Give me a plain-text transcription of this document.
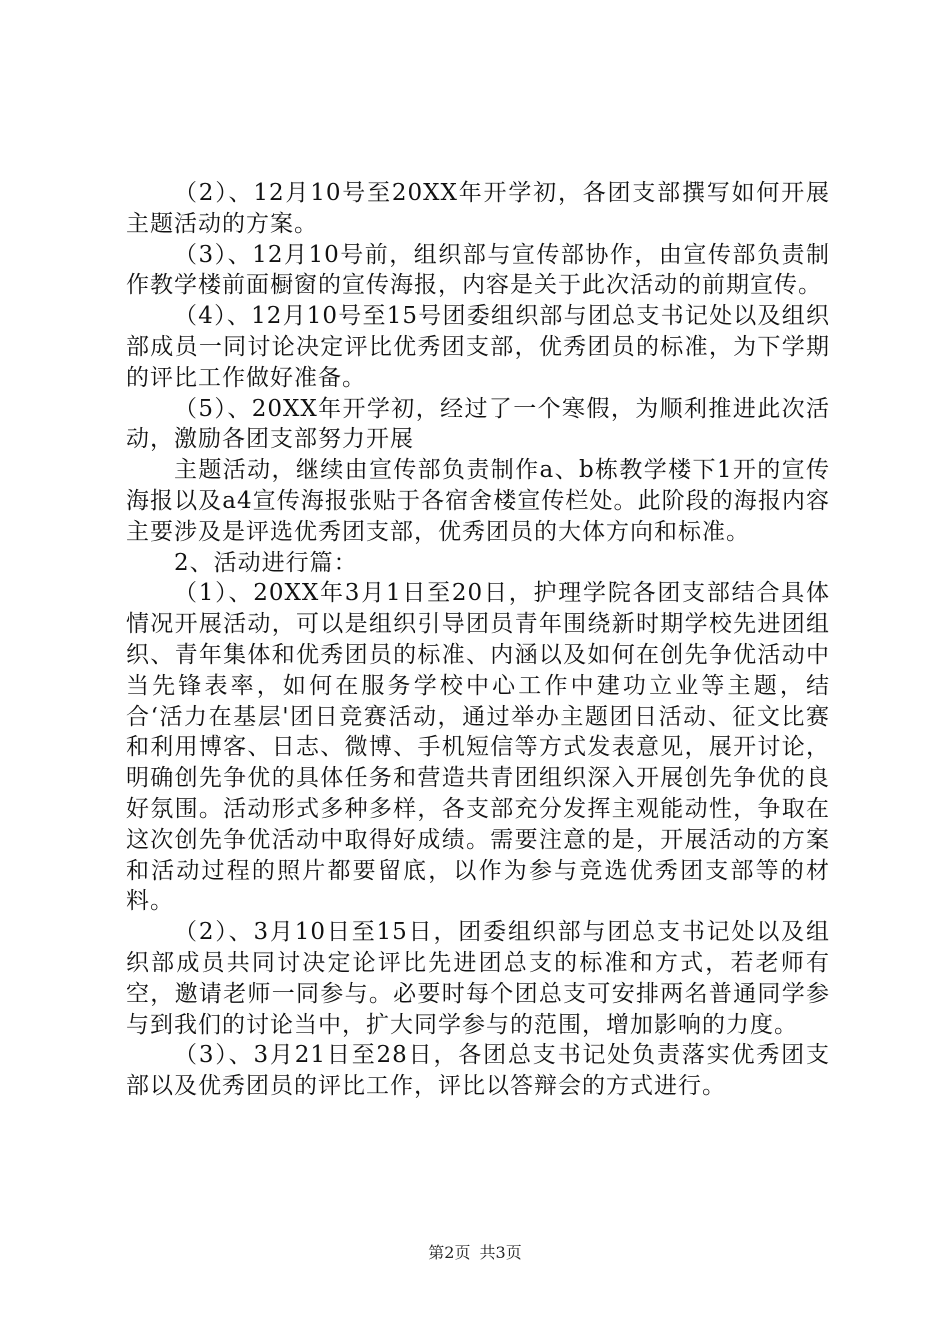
（2）、12月10号至20XX年开学初，各团支部撰写如何开展主题活动的方案。

（3）、12月10号前，组织部与宣传部协作，由宣传部负责制作教学楼前面橱窗的宣传海报，内容是关于此次活动的前期宣传。

（4）、12月10号至15号团委组织部与团总支书记处以及组织部成员一同讨论决定评比优秀团支部，优秀团员的标准，为下学期的评比工作做好准备。

（5）、20XX年开学初，经过了一个寒假，为顺利推进此次活动，激励各团支部努力开展

主题活动，继续由宣传部负责制作a、b栋教学楼下1开的宣传海报以及a4宣传海报张贴于各宿舍楼宣传栏处。此阶段的海报内容主要涉及是评选优秀团支部，优秀团员的大体方向和标准。

2、活动进行篇：

（1）、20XX年3月1日至20日，护理学院各团支部结合具体情况开展活动，可以是组织引导团员青年围绕新时期学校先进团组织、青年集体和优秀团员的标准、内涵以及如何在创先争优活动中当先锋表率，如何在服务学校中心工作中建功立业等主题，结合‘活力在基层'团日竞赛活动，通过举办主题团日活动、征文比赛和利用博客、日志、微博、手机短信等方式发表意见，展开讨论，明确创先争优的具体任务和营造共青团组织深入开展创先争优的良好氛围。活动形式多种多样，各支部充分发挥主观能动性，争取在这次创先争优活动中取得好成绩。需要注意的是，开展活动的方案和活动过程的照片都要留底，以作为参与竞选优秀团支部等的材料。

（2）、3月10日至15日，团委组织部与团总支书记处以及组织部成员共同讨决定论评比先进团总支的标准和方式，若老师有空，邀请老师一同参与。必要时每个团总支可安排两名普通同学参与到我们的讨论当中，扩大同学参与的范围，增加影响的力度。

（3）、3月21日至28日，各团总支书记处负责落实优秀团支部以及优秀团员的评比工作，评比以答辩会的方式进行。

第2页 共3页
